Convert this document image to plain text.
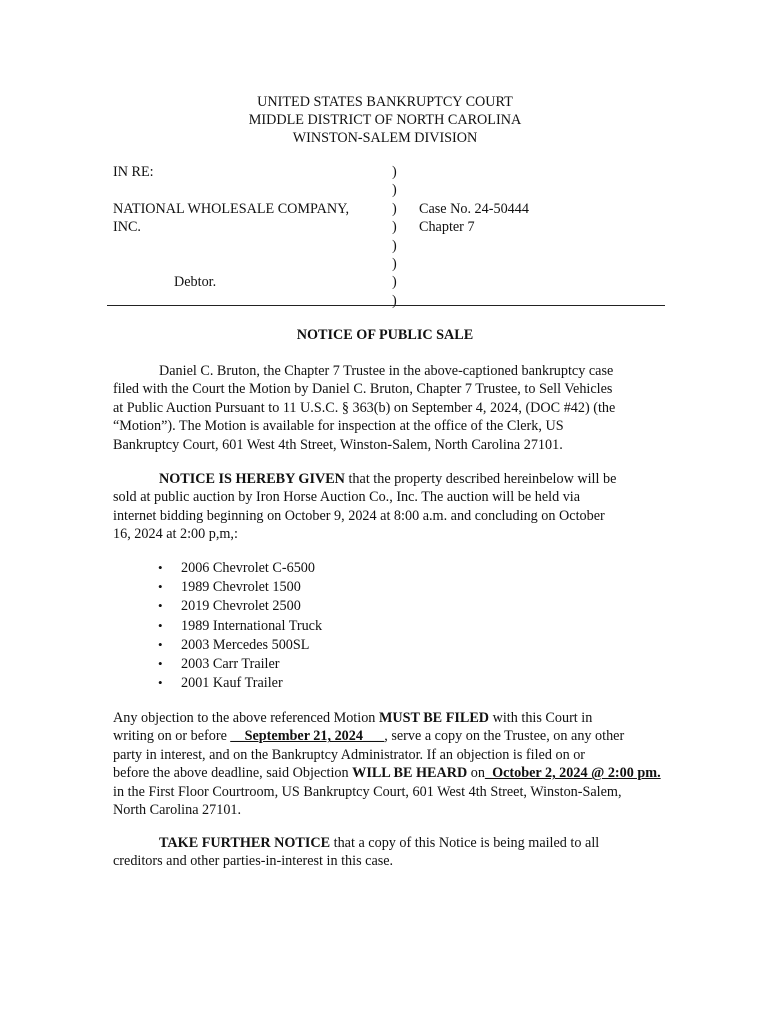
UNITED STATES BANKRUPTCY COURT
MIDDLE DISTRICT OF NORTH CAROLINA
WINSTON-SALEM DIVISION
IN RE:
NATIONAL WHOLESALE COMPANY,
INC.
Debtor.
)
)
)
)
)
)
)
)
Case No. 24-50444
Chapter 7
NOTICE OF PUBLIC SALE
Daniel C. Bruton, the Chapter 7 Trustee in the above-captioned bankruptcy case
filed with the Court the Motion by Daniel C. Bruton, Chapter 7 Trustee, to Sell Vehicles
at Public Auction Pursuant to 11 U.S.C. § 363(b) on September 4, 2024, (DOC #42) (the
“Motion”). The Motion is available for inspection at the office of the Clerk, US
Bankruptcy Court, 601 West 4th Street, Winston-Salem, North Carolina 27101.
NOTICE IS HEREBY GIVEN that the property described hereinbelow will be
sold at public auction by Iron Horse Auction Co., Inc. The auction will be held via
internet bidding beginning on October 9, 2024 at 8:00 a.m. and concluding on October
16, 2024 at 2:00 p,m,:
• 2006 Chevrolet C-6500
• 1989 Chevrolet 1500
• 2019 Chevrolet 2500
• 1989 International Truck
• 2003 Mercedes 500SL
• 2003 Carr Trailer
• 2001 Kauf Trailer
Any objection to the above referenced Motion MUST BE FILED with this Court in
writing on or before __September 21, 2024___, serve a copy on the Trustee, on any other
party in interest, and on the Bankruptcy Administrator. If an objection is filed on or
before the above deadline, said Objection WILL BE HEARD on_October 2, 2024 @ 2:00 pm.
in the First Floor Courtroom, US Bankruptcy Court, 601 West 4th Street, Winston-Salem,
North Carolina 27101.
TAKE FURTHER NOTICE that a copy of this Notice is being mailed to all
creditors and other parties-in-interest in this case.
